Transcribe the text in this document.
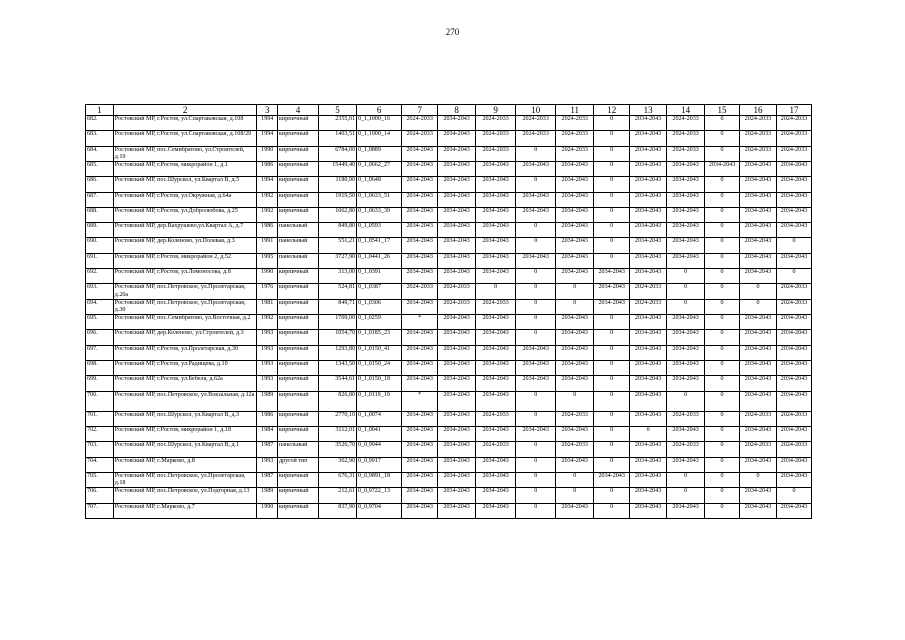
270
1	2	3	4	5	6	7	8	9	10	11	12	13	14	15	16	17
682.	Ростовский МР, г.Ростов, ул.Спартаковская, д.108	1994	кирпичный	2355,01	0_1,1000_16	2024-2033	2034-2043	2024-2033	2024-2033	2024-2033	0	2034-2043	2024-2033	0	2024-2033	2024-2033
683.	Ростовский МР, г.Ростов, ул.Спартаковская, д.108/29	1994	кирпичный	1403,51	0_1,1000_14	2024-2033	2034-2043	2024-2033	2024-2033	2024-2033	0	2034-2043	2024-2033	0	2024-2033	2024-2033
684.	Ростовский МР, пос.Семибратово, ул.Строителей, д.19	1990	кирпичный	6784,00	0_1,0889	2034-2043	2034-2043	2024-2033	0	2024-2033	0	2034-2043	2024-2033	0	2024-2033	2024-2033
685.	Ростовский МР, г.Ростов, микрорайон 1, д.1	1986	кирпичный	15449,40	0_1,0662_27	2034-2043	2034-2043	2034-2043	2034-2043	2034-2043	0	2034-2043	2034-2043	2034-2043	2034-2043	2034-2043
686.	Ростовский МР, пос.Шурскол, ул.Квартал В, д.5	1994	кирпичный	1180,90	0_1,0648	2034-2043	2034-2043	2034-2043	0	2034-2043	0	2034-2043	2034-2043	0	2034-2043	2034-2043
687.	Ростовский МР, г.Ростов, ул.Окружная, д.64а	1992	кирпичный	1919,50	0_1,0633_51	2034-2043	2034-2043	2034-2043	2034-2043	2034-2043	0	2034-2043	2034-2043	0	2034-2043	2034-2043
688.	Ростовский МР, г.Ростов, ул.Добролюбова, д.25	1992	кирпичный	1062,80	0_1,0633_39	2034-2043	2034-2043	2034-2043	2034-2043	2034-2043	0	2034-2043	2034-2043	0	2034-2043	2034-2043
689.	Ростовский МР, дер.Вахрушево,ул.Квартал А, д.7	1986	панельный	849,80	0_1,0593	2034-2043	2034-2043	2034-2043	0	2034-2043	0	2034-2043	2034-2043	0	2034-2043	2034-2043
690.	Ростовский МР, дер.Коленово, ул.Полевая, д.3	1991	панельный	551,21	0_1,0541_17	2034-2043	2034-2043	2034-2043	0	2034-2043	0	2034-2043	2034-2043	0	2034-2043	0
691.	Ростовский МР, г.Ростов, микрорайон 2, д.52	1995	панельный	3727,90	0_1,0441_26	2034-2043	2034-2043	2034-2043	2034-2043	2034-2043	0	2034-2043	2034-2043	0	2034-2043	2034-2043
692.	Ростовский МР, г.Ростов, ул.Ломоносова, д.8	1990	кирпичный	313,00	0_1,0391	2034-2043	2034-2043	2034-2043	0	2034-2043	2034-2043	2034-2043	0	0	2034-2043	0
693.	Ростовский МР, пос.Петровское, ул.Пролетарская, д.20а	1976	кирпичный	524,81	0_1,0387	2024-2033	2024-2033	0	0	0	2034-2043	2024-2033	0	0	0	2024-2033
694.	Ростовский МР, пос.Петровское, ул.Пролетарская, д.30	1981	кирпичный	849,71	0_1,0306	2034-2043	2024-2033	2024-2033	0	0	2034-2043	2024-2033	0	0	0	2024-2033
695.	Ростовский МР, пос.Семибратово, ул.Восточная, д.2	1992	кирпичный	1709,00	0_1,0259	*	2034-2043	2034-2043	0	2034-2043	0	2034-2043	2034-2043	0	2034-2043	2034-2043
696.	Ростовский МР, дер.Коленово, ул.Строителей, д.3	1993	кирпичный	1054,70	0_1,0185_23	2034-2043	2034-2043	2034-2043	0	2034-2043	0	2034-2043	2034-2043	0	2034-2043	2034-2043
697.	Ростовский МР, г.Ростов, ул.Пролетарская, д.30	1993	кирпичный	1293,80	0_1,0150_41	2034-2043	2034-2043	2034-2043	2034-2043	2034-2043	0	2034-2043	2034-2043	0	2034-2043	2034-2043
698.	Ростовский МР, г.Ростов, ул.Радищева, д.10	1993	кирпичный	1343,50	0_1,0150_24	2034-2043	2034-2043	2034-2043	2034-2043	2034-2043	0	2034-2043	2034-2043	0	2034-2043	2034-2043
699.	Ростовский МР, г.Ростов, ул.Бебеля, д.62а	1993	кирпичный	3544,61	0_1,0150_18	2034-2043	2034-2043	2034-2043	2034-2043	2034-2043	0	2034-2043	2034-2043	0	2034-2043	2034-2043
700.	Ростовский МР, пос.Петровское, ул.Вокзальная, д.12а	1989	кирпичный	826,80	0_1,0119_19	*	2034-2043	2034-2043	0	0	0	2034-2043	0	0	2034-2043	2034-2043
701.	Ростовский МР, пос.Шурскол, ул.Квартал В, д.3	1986	кирпичный	2770,10	0_1,0074	2034-2043	2034-2043	2024-2033	0	2024-2033	0	2034-2043	2024-2033	0	2024-2033	2024-2033
702.	Ростовский МР, г.Ростов, микрорайон 1, д.18	1984	кирпичный	3112,01	0_1,0041	2034-2043	2034-2043	2034-2043	2034-2043	2034-2043	0	0	2034-2043	0	2034-2043	2034-2043
703.	Ростовский МР, пос.Шурскол, ул.Квартал В, д.1	1987	панельный	3526,70	0_0,9944	2034-2043	2034-2043	2024-2033	0	2024-2033	0	2034-2043	2024-2033	0	2024-2033	2024-2033
704.	Ростовский МР, с.Марково, д.8	1993	другой тип	362,90	0_0,9917	2034-2043	2034-2043	2034-2043	0	2034-2043	0	2034-2043	2034-2043	0	2034-2043	2034-2043
705.	Ростовский МР, пос.Петровское, ул.Пролетарская, д.18	1987	кирпичный	676,31	0_0,9891_18	2034-2043	2034-2043	2034-2043	0	0	2034-2043	2034-2043	0	0	0	2034-2043
706.	Ростовский МР, пос.Петровское, ул.Подгорная, д.13	1989	кирпичный	212,61	0_0,9722_13	2034-2043	2034-2043	2034-2043	0	0	0	2034-2043	0	0	2034-2043	0
707.	Ростовский МР, с.Марково, д.7	1990	кирпичный	837,90	0_0,9704	2034-2043	2034-2043	2034-2043	0	2034-2043	0	2034-2043	2034-2043	0	2034-2043	2034-2043
